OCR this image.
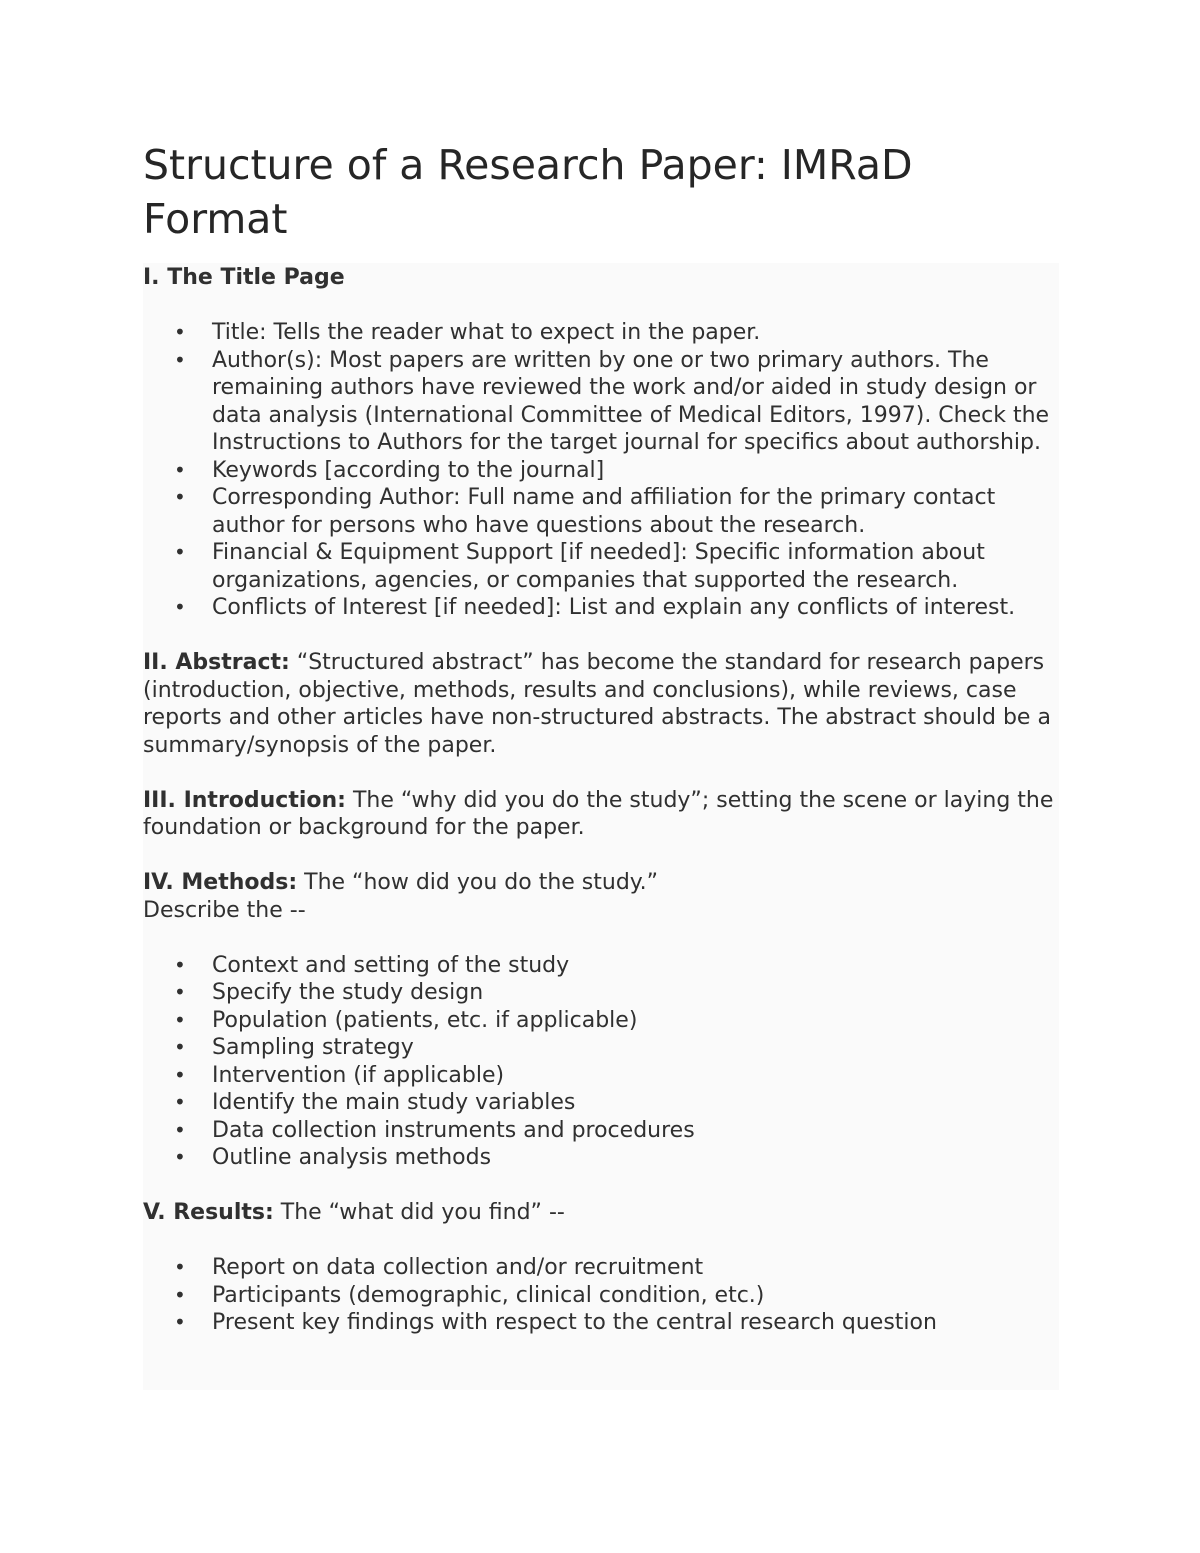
Structure of a Research Paper: IMRaD Format

I. The Title Page

• Title: Tells the reader what to expect in the paper.
• Author(s): Most papers are written by one or two primary authors. The remaining authors have reviewed the work and/or aided in study design or data analysis (International Committee of Medical Editors, 1997). Check the Instructions to Authors for the target journal for specifics about authorship.
• Keywords [according to the journal]
• Corresponding Author: Full name and affiliation for the primary contact author for persons who have questions about the research.
• Financial & Equipment Support [if needed]: Specific information about organizations, agencies, or companies that supported the research.
• Conflicts of Interest [if needed]: List and explain any conflicts of interest.

II. Abstract: “Structured abstract” has become the standard for research papers (introduction, objective, methods, results and conclusions), while reviews, case reports and other articles have non-structured abstracts. The abstract should be a summary/synopsis of the paper.

III. Introduction: The “why did you do the study”; setting the scene or laying the foundation or background for the paper.

IV. Methods: The “how did you do the study.”

Describe the --

• Context and setting of the study
• Specify the study design
• Population (patients, etc. if applicable)
• Sampling strategy
• Intervention (if applicable)
• Identify the main study variables
• Data collection instruments and procedures
• Outline analysis methods

V. Results: The “what did you find” --

• Report on data collection and/or recruitment
• Participants (demographic, clinical condition, etc.)
• Present key findings with respect to the central research question
